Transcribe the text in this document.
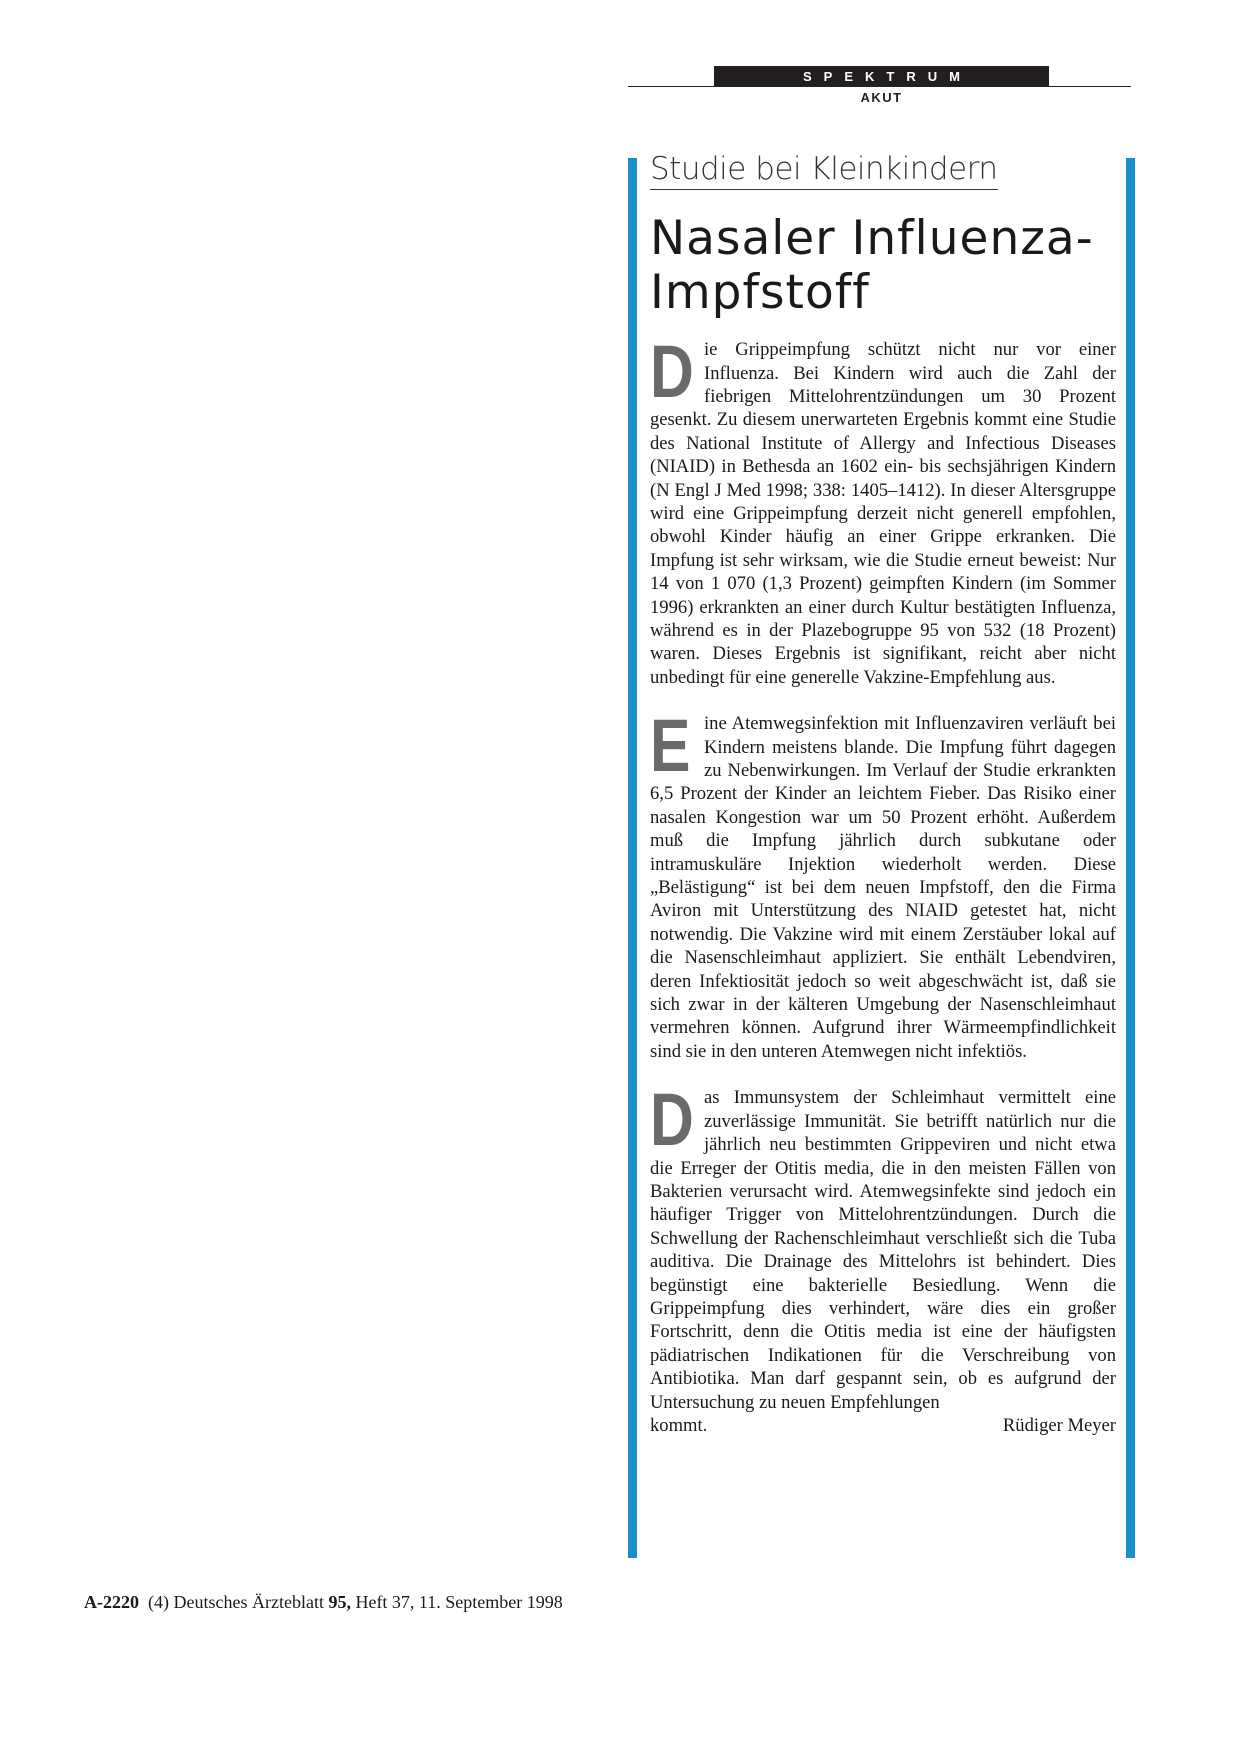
SPEKTRUM
AKUT
Studie bei Kleinkindern
Nasaler Influenza-
Impfstoff

Die Grippeimpfung schützt nicht nur vor einer Influenza. Bei Kindern wird auch die Zahl der fiebrigen Mittelohrentzündungen um 30 Prozent gesenkt. Zu diesem unerwarteten Ergebnis kommt eine Studie des National Institute of Allergy and Infectious Diseases (NIAID) in Bethesda an 1602 ein- bis sechsjährigen Kindern (N Engl J Med 1998; 338: 1405–1412). In dieser Altersgruppe wird eine Grippeimpfung derzeit nicht generell empfohlen, obwohl Kinder häufig an einer Grippe erkranken. Die Impfung ist sehr wirksam, wie die Studie erneut beweist: Nur 14 von 1 070 (1,3 Prozent) geimpften Kindern (im Sommer 1996) erkrankten an einer durch Kultur bestätigten Influenza, während es in der Plazebogruppe 95 von 532 (18 Prozent) waren. Dieses Ergebnis ist signifikant, reicht aber nicht unbedingt für eine generelle Vakzine-Empfehlung aus.

Eine Atemwegsinfektion mit Influenzaviren verläuft bei Kindern meistens blande. Die Impfung führt dagegen zu Nebenwirkungen. Im Verlauf der Studie erkrankten 6,5 Prozent der Kinder an leichtem Fieber. Das Risiko einer nasalen Kongestion war um 50 Prozent erhöht. Außerdem muß die Impfung jährlich durch subkutane oder intramuskuläre Injektion wiederholt werden. Diese „Belästigung“ ist bei dem neuen Impfstoff, den die Firma Aviron mit Unterstützung des NIAID getestet hat, nicht notwendig. Die Vakzine wird mit einem Zerstäuber lokal auf die Nasenschleimhaut appliziert. Sie enthält Lebendviren, deren Infektiosität jedoch so weit abgeschwächt ist, daß sie sich zwar in der kälteren Umgebung der Nasenschleimhaut vermehren können. Aufgrund ihrer Wärmeempfindlichkeit sind sie in den unteren Atemwegen nicht infektiös.

Das Immunsystem der Schleimhaut vermittelt eine zuverlässige Immunität. Sie betrifft natürlich nur die jährlich neu bestimmten Grippeviren und nicht etwa die Erreger der Otitis media, die in den meisten Fällen von Bakterien verursacht wird. Atemwegsinfekte sind jedoch ein häufiger Trigger von Mittelohrentzündungen. Durch die Schwellung der Rachenschleimhaut verschließt sich die Tuba auditiva. Die Drainage des Mittelohrs ist behindert. Dies begünstigt eine bakterielle Besiedlung. Wenn die Grippeimpfung dies verhindert, wäre dies ein großer Fortschritt, denn die Otitis media ist eine der häufigsten pädiatrischen Indikationen für die Verschreibung von Antibiotika. Man darf gespannt sein, ob es aufgrund der Untersuchung zu neuen Empfehlungen

kommt.	Rüdiger Meyer
A-2220 (4) Deutsches Ärzteblatt 95, Heft 37, 11. September 1998
